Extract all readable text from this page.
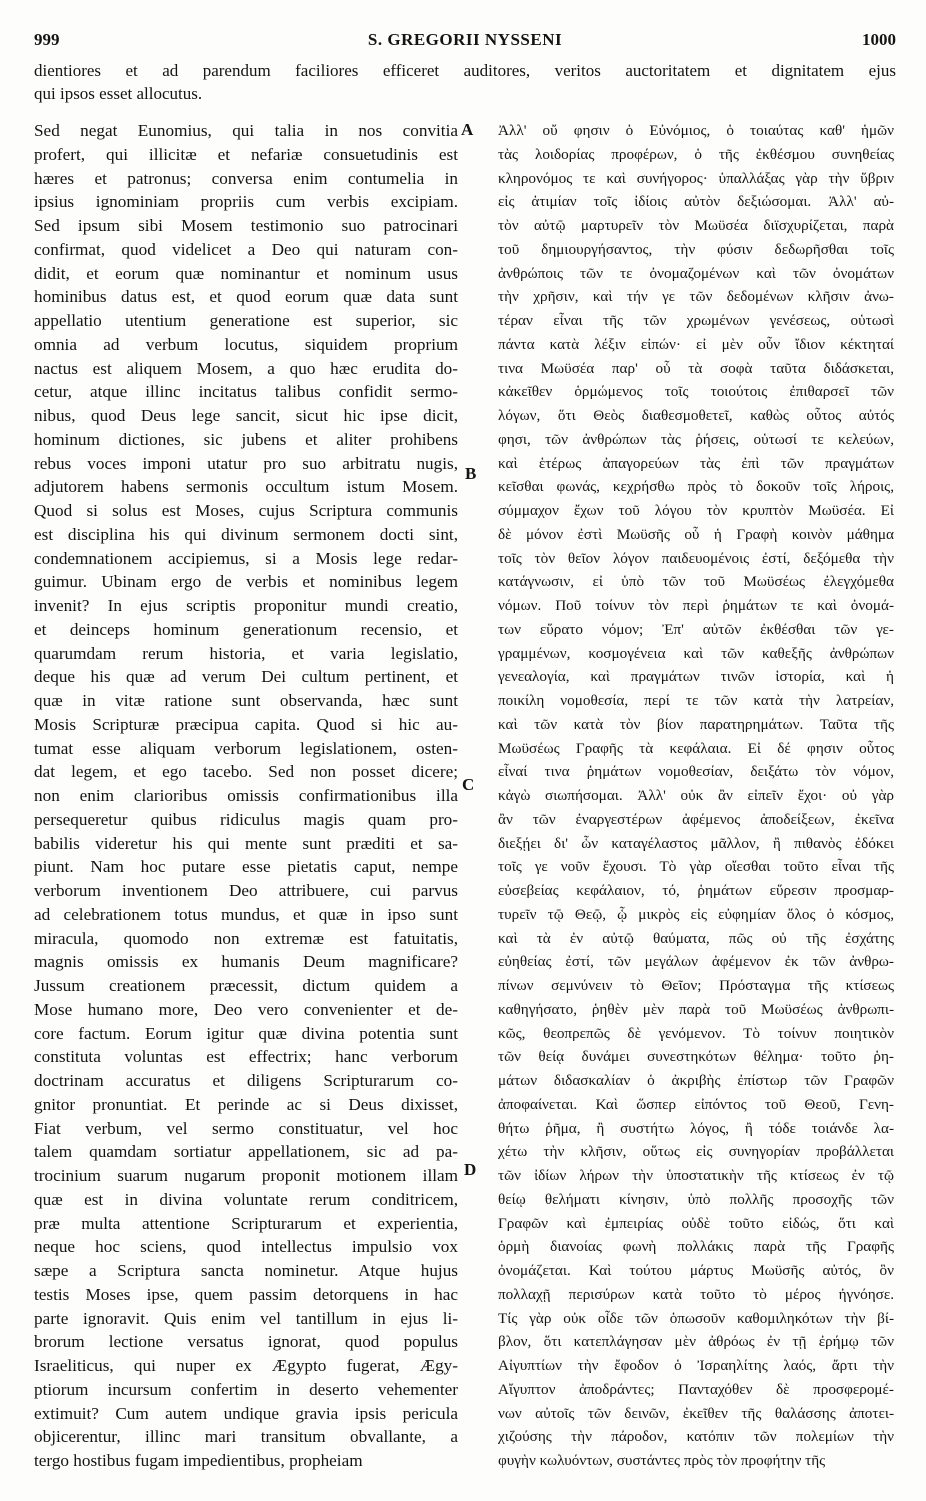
999	S. GREGORII NYSSENI	1000
dientiores et ad parendum faciliores efficeret auditores, veritos auctoritatem et dignitatem ejus
qui ipsos esset allocutus.
Sed negat Eunomius, qui talia in nos convitia
profert, qui illicitæ et nefariæ consuetudinis est
hæres et patronus; conversa enim contumelia in
ipsius ignominiam propriis cum verbis excipiam.
Sed ipsum sibi Mosem testimonio suo patrocinari
confirmat, quod videlicet a Deo qui naturam con-
didit, et eorum quæ nominantur et nominum usus
hominibus datus est, et quod eorum quæ data sunt
appellatio utentium generatione est superior, sic
omnia ad verbum locutus, siquidem proprium
nactus est aliquem Mosem, a quo hæc erudita do-
cetur, atque illinc incitatus talibus confidit sermo-
nibus, quod Deus lege sancit, sicut hic ipse dicit,
hominum dictiones, sic jubens et aliter prohibens
rebus voces imponi utatur pro suo arbitratu nugis,
adjutorem habens sermonis occultum istum Mosem.
Quod si solus est Moses, cujus Scriptura communis
est disciplina his qui divinum sermonem docti sint,
condemnationem accipiemus, si a Mosis lege redar-
guimur. Ubinam ergo de verbis et nominibus legem
invenit? In ejus scriptis proponitur mundi creatio,
et deinceps hominum generationum recensio, et
quarumdam rerum historia, et varia legislatio,
deque his quæ ad verum Dei cultum pertinent, et
quæ in vitæ ratione sunt observanda, hæc sunt
Mosis Scripturæ præcipua capita. Quod si hic au-
tumat esse aliquam verborum legislationem, osten-
dat legem, et ego tacebo. Sed non posset dicere;
non enim clarioribus omissis confirmationibus illa
persequeretur quibus ridiculus magis quam pro-
babilis videretur his qui mente sunt præditi et sa-
piunt. Nam hoc putare esse pietatis caput, nempe
verborum inventionem Deo attribuere, cui parvus
ad celebrationem totus mundus, et quæ in ipso sunt
miracula, quomodo non extremæ est fatuitatis,
magnis omissis ex humanis Deum magnificare?
Jussum creationem præcessit, dictum quidem a
Mose humano more, Deo vero convenienter et de-
core factum. Eorum igitur quæ divina potentia sunt
constituta voluntas est effectrix; hanc verborum
doctrinam accuratus et diligens Scripturarum co-
gnitor pronuntiat. Et perinde ac si Deus dixisset,
Fiat verbum, vel sermo constituatur, vel hoc
talem quamdam sortiatur appellationem, sic ad pa-
trocinium suarum nugarum proponit motionem illam
quæ est in divina voluntate rerum conditricem,
præ multa attentione Scripturarum et experientia,
neque hoc sciens, quod intellectus impulsio vox
sæpe a Scriptura sancta nominetur. Atque hujus
testis Moses ipse, quem passim detorquens in hac
parte ignoravit. Quis enim vel tantillum in ejus li-
brorum lectione versatus ignorat, quod populus
Israeliticus, qui nuper ex Ægypto fugerat, Ægy-
ptiorum incursum confertim in deserto vehementer
extimuit? Cum autem undique gravia ipsis pericula
objicerentur, illinc mari transitum obvallante, a
tergo hostibus fugam impedientibus, propheiam
A
B
C
D
Ἀλλ' οὔ φησιν ὁ Εὐνόμιος, ὁ τοιαύτας καθ' ἡμῶν
τὰς λοιδορίας προφέρων, ὁ τῆς ἐκθέσμου συνηθείας
κληρονόμος τε καὶ συνήγορος· ὑπαλλάξας γὰρ τὴν ὕβριν
εἰς ἀτιμίαν τοῖς ἰδίοις αὐτὸν δεξιώσομαι. Ἀλλ' αὐ-
τὸν αὐτῷ μαρτυρεῖν τὸν Μωϋσέα διϊσχυρίζεται, παρὰ
τοῦ δημιουργήσαντος, τὴν φύσιν δεδωρῆσθαι τοῖς
ἀνθρώποις τῶν τε ὀνομαζομένων καὶ τῶν ὀνομάτων
τὴν χρῆσιν, καὶ τήν γε τῶν δεδομένων κλῆσιν ἀνω-
τέραν εἶναι τῆς τῶν χρωμένων γενέσεως, οὑτωσὶ
πάντα κατὰ λέξιν εἰπών· εἰ μὲν οὖν ἴδιον κέκτηταί
τινα Μωϋσέα παρ' οὗ τὰ σοφὰ ταῦτα διδάσκεται,
κἀκεῖθεν ὁρμώμενος τοῖς τοιούτοις ἐπιθαρσεῖ τῶν
λόγων, ὅτι Θεὸς διαθεσμοθετεῖ, καθὼς οὗτος αὐτός
φησι, τῶν ἀνθρώπων τὰς ῥήσεις, οὑτωσί τε κελεύων,
καὶ ἑτέρως ἀπαγορεύων τὰς ἐπὶ τῶν πραγμάτων
κεῖσθαι φωνάς, κεχρήσθω πρὸς τὸ δοκοῦν τοῖς λήροις,
σύμμαχον ἔχων τοῦ λόγου τὸν κρυπτὸν Μωϋσέα. Εἰ
δὲ μόνον ἐστὶ Μωϋσῆς οὗ ἡ Γραφὴ κοινὸν μάθημα
τοῖς τὸν θεῖον λόγον παιδευομένοις ἐστί, δεξόμεθα τὴν
κατάγνωσιν, εἰ ὑπὸ τῶν τοῦ Μωϋσέως ἐλεγχόμεθα
νόμων. Ποῦ τοίνυν τὸν περὶ ῥημάτων τε καὶ ὀνομά-
των εὕρατο νόμον; Ἐπ' αὐτῶν ἐκθέσθαι τῶν γε-
γραμμένων, κοσμογένεια καὶ τῶν καθεξῆς ἀνθρώπων
γενεαλογία, καὶ πραγμάτων τινῶν ἱστορία, καὶ ἡ
ποικίλη νομοθεσία, περί τε τῶν κατὰ τὴν λατρείαν,
καὶ τῶν κατὰ τὸν βίον παρατηρημάτων. Ταῦτα τῆς
Μωϋσέως Γραφῆς τὰ κεφάλαια. Εἰ δέ φησιν οὗτος
εἶναί τινα ῥημάτων νομοθεσίαν, δειξάτω τὸν νόμον,
κἀγὼ σιωπήσομαι. Ἀλλ' οὐκ ἂν εἰπεῖν ἔχοι· οὐ γὰρ
ἂν τῶν ἐναργεστέρων ἀφέμενος ἀποδείξεων, ἐκεῖνα
διεξῄει δι' ὧν καταγέλαστος μᾶλλον, ἢ πιθανὸς ἐδόκει
τοῖς γε νοῦν ἔχουσι. Τὸ γὰρ οἴεσθαι τοῦτο εἶναι τῆς
εὐσεβείας κεφάλαιον, τό, ῥημάτων εὕρεσιν προσμαρ-
τυρεῖν τῷ Θεῷ, ᾧ μικρὸς εἰς εὐφημίαν ὅλος ὁ κόσμος,
καὶ τὰ ἐν αὐτῷ θαύματα, πῶς οὐ τῆς ἐσχάτης
εὐηθείας ἐστί, τῶν μεγάλων ἀφέμενον ἐκ τῶν ἀνθρω-
πίνων σεμνύνειν τὸ Θεῖον; Πρόσταγμα τῆς κτίσεως
καθηγήσατο, ῥηθὲν μὲν παρὰ τοῦ Μωϋσέως ἀνθρωπι-
κῶς, θεοπρεπῶς δὲ γενόμενον. Τὸ τοίνυν ποιητικὸν
τῶν θείᾳ δυνάμει συνεστηκότων θέλημα· τοῦτο ῥη-
μάτων διδασκαλίαν ὁ ἀκριβὴς ἐπίστωρ τῶν Γραφῶν
ἀποφαίνεται. Καὶ ὥσπερ εἰπόντος τοῦ Θεοῦ, Γενη-
θήτω ῥῆμα, ἢ συστήτω λόγος, ἢ τόδε τοιάνδε λα-
χέτω τὴν κλῆσιν, οὕτως εἰς συνηγορίαν προβάλλεται
τῶν ἰδίων λήρων τὴν ὑποστατικὴν τῆς κτίσεως ἐν τῷ
θείῳ θελήματι κίνησιν, ὑπὸ πολλῆς προσοχῆς τῶν
Γραφῶν καὶ ἐμπειρίας οὐδὲ τοῦτο εἰδώς, ὅτι καὶ
ὁρμὴ διανοίας φωνὴ πολλάκις παρὰ τῆς Γραφῆς
ὀνομάζεται. Καὶ τούτου μάρτυς Μωϋσῆς αὐτός, ὃν
πολλαχῇ περισύρων κατὰ τοῦτο τὸ μέρος ἠγνόησε.
Τίς γὰρ οὐκ οἶδε τῶν ὁπωσοῦν καθομιληκότων τὴν βί-
βλον, ὅτι κατεπλάγησαν μὲν ἀθρόως ἐν τῇ ἐρήμῳ τῶν
Αἰγυπτίων τὴν ἔφοδον ὁ Ἰσραηλίτης λαός, ἄρτι τὴν
Αἴγυπτον ἀποδράντες; Πανταχόθεν δὲ προσφερομέ-
νων αὐτοῖς τῶν δεινῶν, ἐκεῖθεν τῆς θαλάσσης ἀποτει-
χιζούσης τὴν πάροδον, κατόπιν τῶν πολεμίων τὴν
φυγὴν κωλυόντων, συστάντες πρὸς τὸν προφήτην τῆς
